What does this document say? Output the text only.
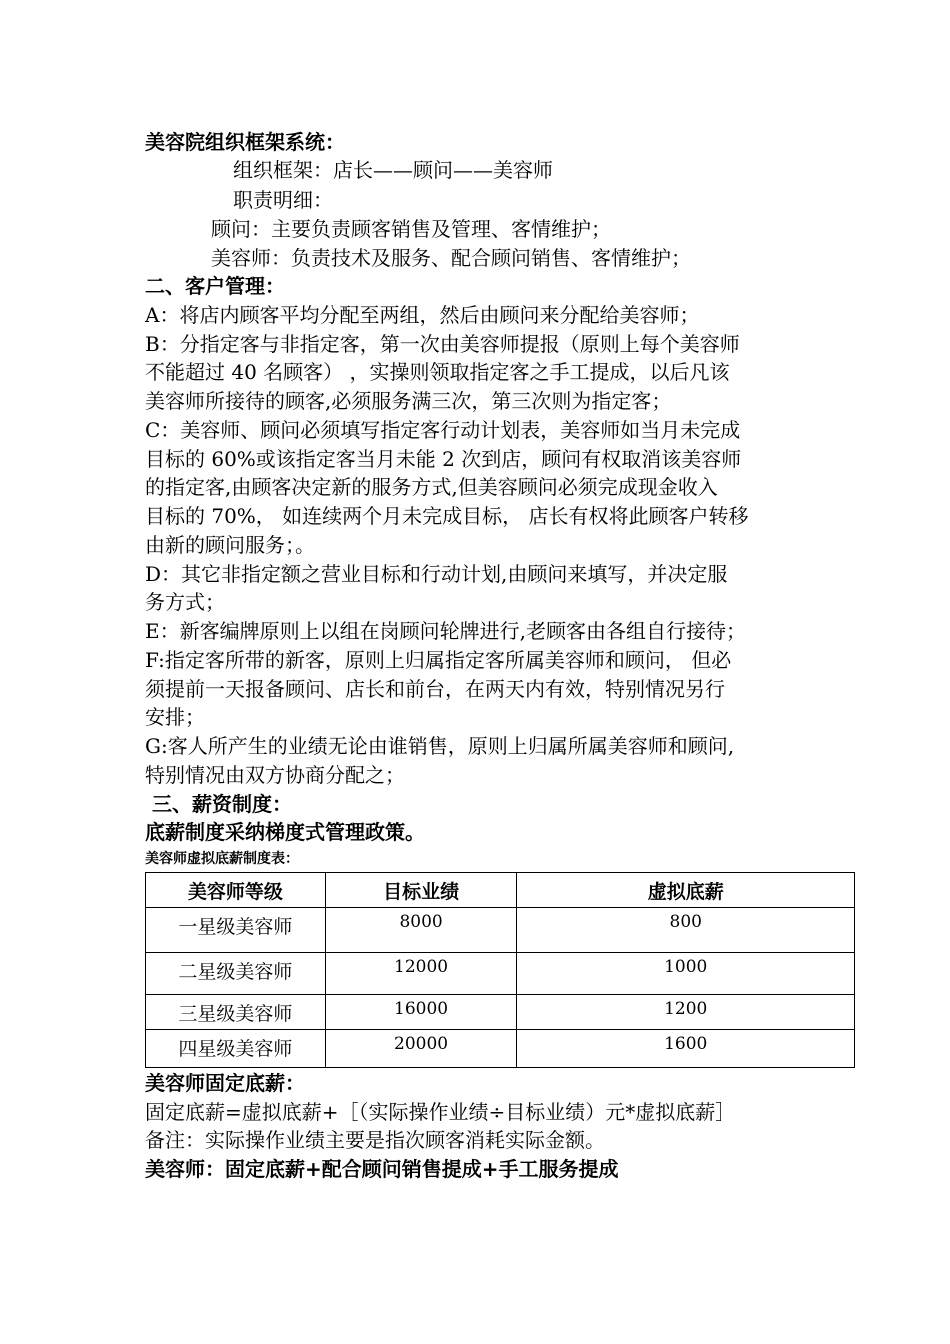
美容院组织框架系统：
组织框架：店长——顾问——美容师
职责明细：
顾问：主要负责顾客销售及管理、客情维护；
美容师：负责技术及服务、配合顾问销售、客情维护；
二、客户管理：
A：将店内顾客平均分配至两组，然后由顾问来分配给美容师；
B：分指定客与非指定客，第一次由美容师提报（原则上每个美容师
不能超过 40 名顾客） ，实操则领取指定客之手工提成，以后凡该
美容师所接待的顾客,必须服务满三次，第三次则为指定客；
C：美容师、顾问必须填写指定客行动计划表，美容师如当月未完成
目标的 60%或该指定客当月未能 2 次到店，顾问有权取消该美容师
的指定客,由顾客决定新的服务方式,但美容顾问必须完成现金收入
目标的 70%， 如连续两个月未完成目标， 店长有权将此顾客户转移
由新的顾问服务；。
D：其它非指定额之营业目标和行动计划,由顾问来填写，并决定服
务方式；
E：新客编牌原则上以组在岗顾问轮牌进行,老顾客由各组自行接待；
F:指定客所带的新客，原则上归属指定客所属美容师和顾问， 但必
须提前一天报备顾问、店长和前台，在两天内有效，特别情况另行
安排；
G:客人所产生的业绩无论由谁销售，原则上归属所属美容师和顾问,
特别情况由双方协商分配之；
三、薪资制度：
底薪制度采纳梯度式管理政策。
美容师虚拟底薪制度表：
美容师等级	目标业绩	虚拟底薪
一星级美容师	8000	800
二星级美容师	12000	1000
三星级美容师	16000	1200
四星级美容师	20000	1600
美容师固定底薪：
固定底薪=虚拟底薪+［（实际操作业绩÷目标业绩）元*虚拟底薪］
备注：实际操作业绩主要是指次顾客消耗实际金额。
美容师：固定底薪+配合顾问销售提成+手工服务提成
